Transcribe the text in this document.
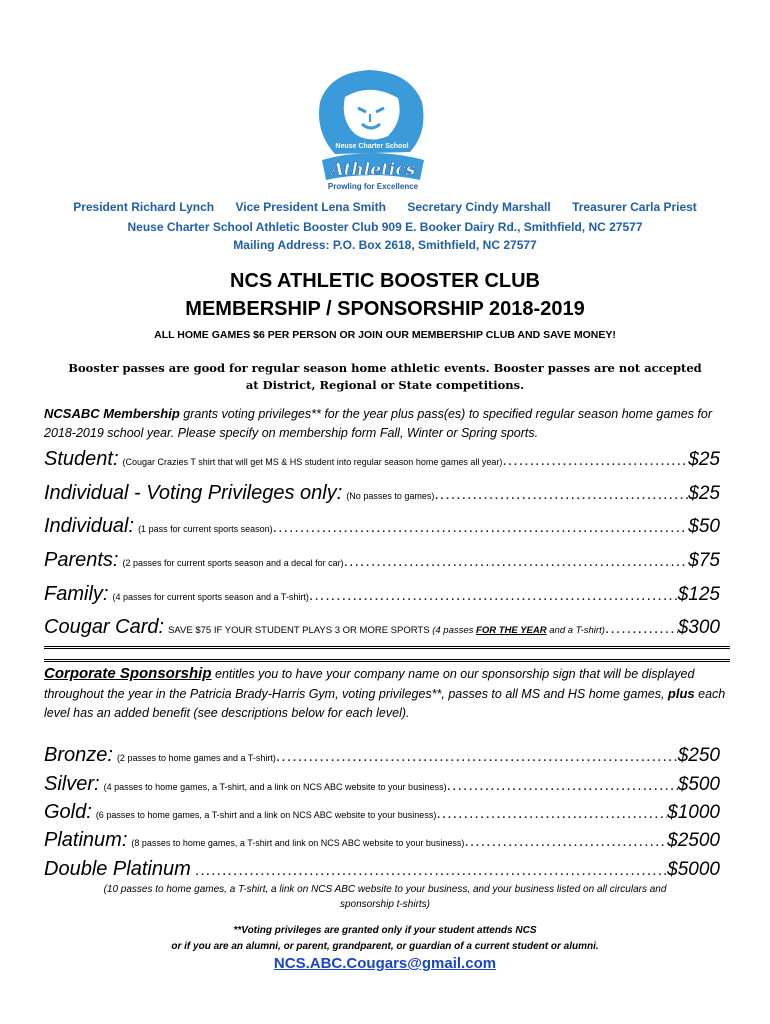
Neuse Charter School
Athletics
Prowling for Excellence
President Richard Lynch Vice President Lena Smith Secretary Cindy Marshall Treasurer Carla Priest
Neuse Charter School Athletic Booster Club 909 E. Booker Dairy Rd., Smithfield, NC 27577
Mailing Address: P.O. Box 2618, Smithfield, NC 27577
NCS ATHLETIC BOOSTER CLUB
MEMBERSHIP / SPONSORSHIP 2018-2019
ALL HOME GAMES $6 PER PERSON OR JOIN OUR MEMBERSHIP CLUB AND SAVE MONEY!
Booster passes are good for regular season home athletic events. Booster passes are not accepted at District, Regional or State competitions.
NCSABC Membership grants voting privileges** for the year plus pass(es) to specified regular season home games for 2018-2019 school year. Please specify on membership form Fall, Winter or Spring sports.
Student: (Cougar Crazies T shirt that will get MS & HS student into regular season home games all year) .....	$25
Individual - Voting Privileges only: (No passes to games) .....	$25
Individual: (1 pass for current sports season) .....	$50
Parents: (2 passes for current sports season and a decal for car) .....	$75
Family: (4 passes for current sports season and a T-shirt) .....	$125
Cougar Card: SAVE $75 IF YOUR STUDENT PLAYS 3 OR MORE SPORTS (4 passes FOR THE YEAR and a T-shirt) .....	$300
Corporate Sponsorship entitles you to have your company name on our sponsorship sign that will be displayed throughout the year in the Patricia Brady-Harris Gym, voting privileges**, passes to all MS and HS home games, plus each level has an added benefit (see descriptions below for each level).
Bronze: (2 passes to home games and a T-shirt) .....	$250
Silver: (4 passes to home games, a T-shirt, and a link on NCS ABC website to your business) .....	$500
Gold: (6 passes to home games, a T-shirt and a link on NCS ABC website to your business) .....	$1000
Platinum: (8 passes to home games, a T-shirt and link on NCS ABC website to your business) .....	$2500
Double Platinum .....	$5000
(10 passes to home games, a T-shirt, a link on NCS ABC website to your business, and your business listed on all circulars and sponsorship t-shirts)
**Voting privileges are granted only if your student attends NCS
or if you are an alumni, or parent, grandparent, or guardian of a current student or alumni.
NCS.ABC.Cougars@gmail.com
